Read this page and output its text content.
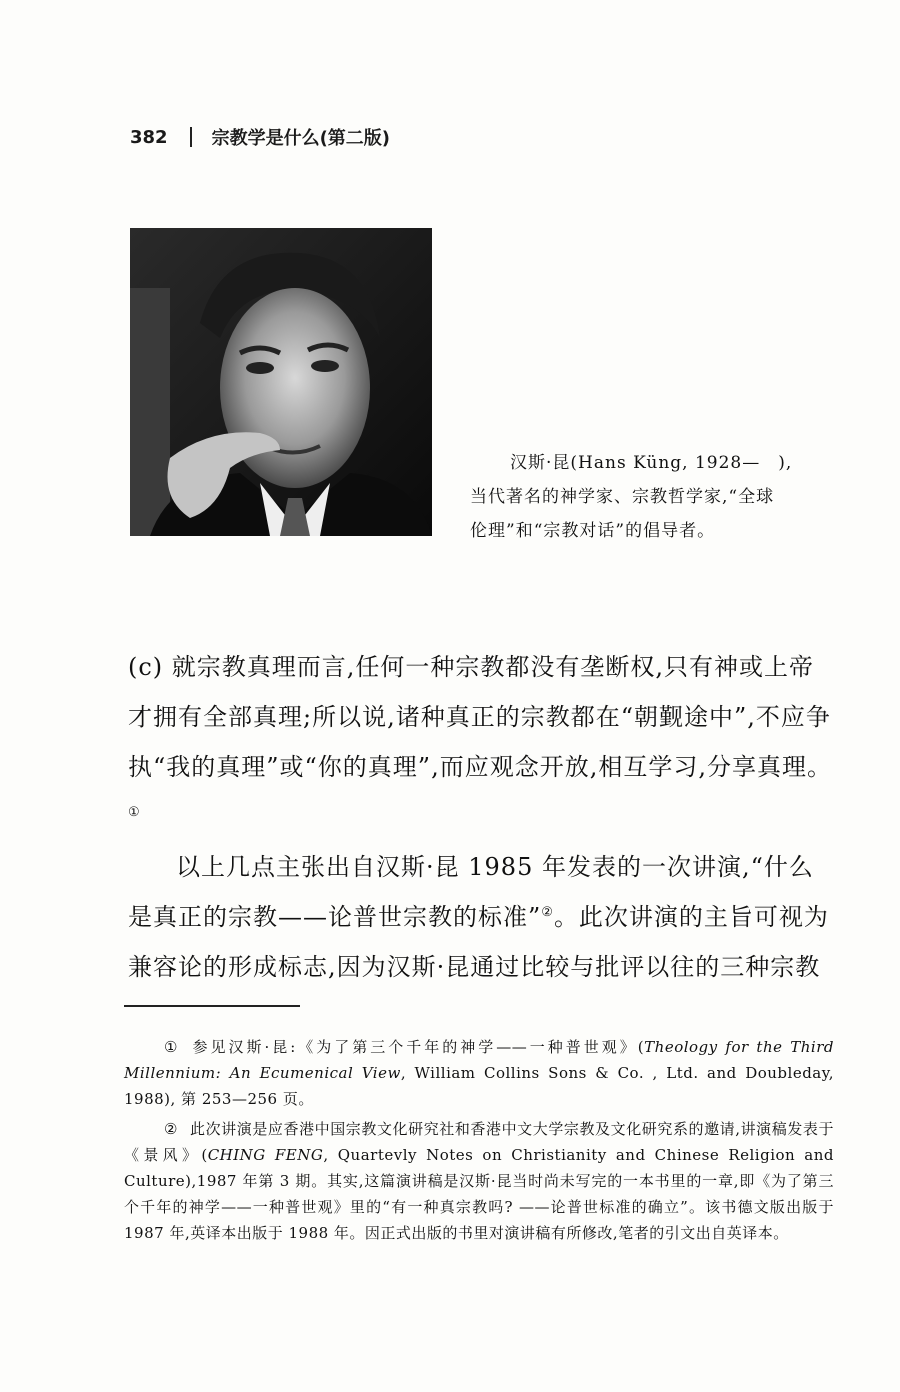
382 宗教学是什么(第二版)
汉斯·昆(Hans Küng, 1928—　),
当代著名的神学家、宗教哲学家,“全球
伦理”和“宗教对话”的倡导者。

(c) 就宗教真理而言,任何一种宗教都没有垄断权,只有神或上帝才拥有全部真理;所以说,诸种真正的宗教都在“朝觐途中”,不应争执“我的真理”或“你的真理”,而应观念开放,相互学习,分享真理。①

以上几点主张出自汉斯·昆 1985 年发表的一次讲演,“什么是真正的宗教——论普世宗教的标准”②。此次讲演的主旨可视为兼容论的形成标志,因为汉斯·昆通过比较与批评以往的三种宗教

① 参见汉斯·昆:《为了第三个千年的神学——一种普世观》(Theology for the Third Millennium: An Ecumenical View, William Collins Sons & Co. , Ltd. and Doubleday, 1988), 第 253—256 页。

② 此次讲演是应香港中国宗教文化研究社和香港中文大学宗教及文化研究系的邀请,讲演稿发表于《景风》(CHING FENG, Quartevly Notes on Christianity and Chinese Religion and Culture),1987 年第 3 期。其实,这篇演讲稿是汉斯·昆当时尚未写完的一本书里的一章,即《为了第三个千年的神学——一种普世观》里的“有一种真宗教吗? ——论普世标准的确立”。该书德文版出版于 1987 年,英译本出版于 1988 年。因正式出版的书里对演讲稿有所修改,笔者的引文出自英译本。
